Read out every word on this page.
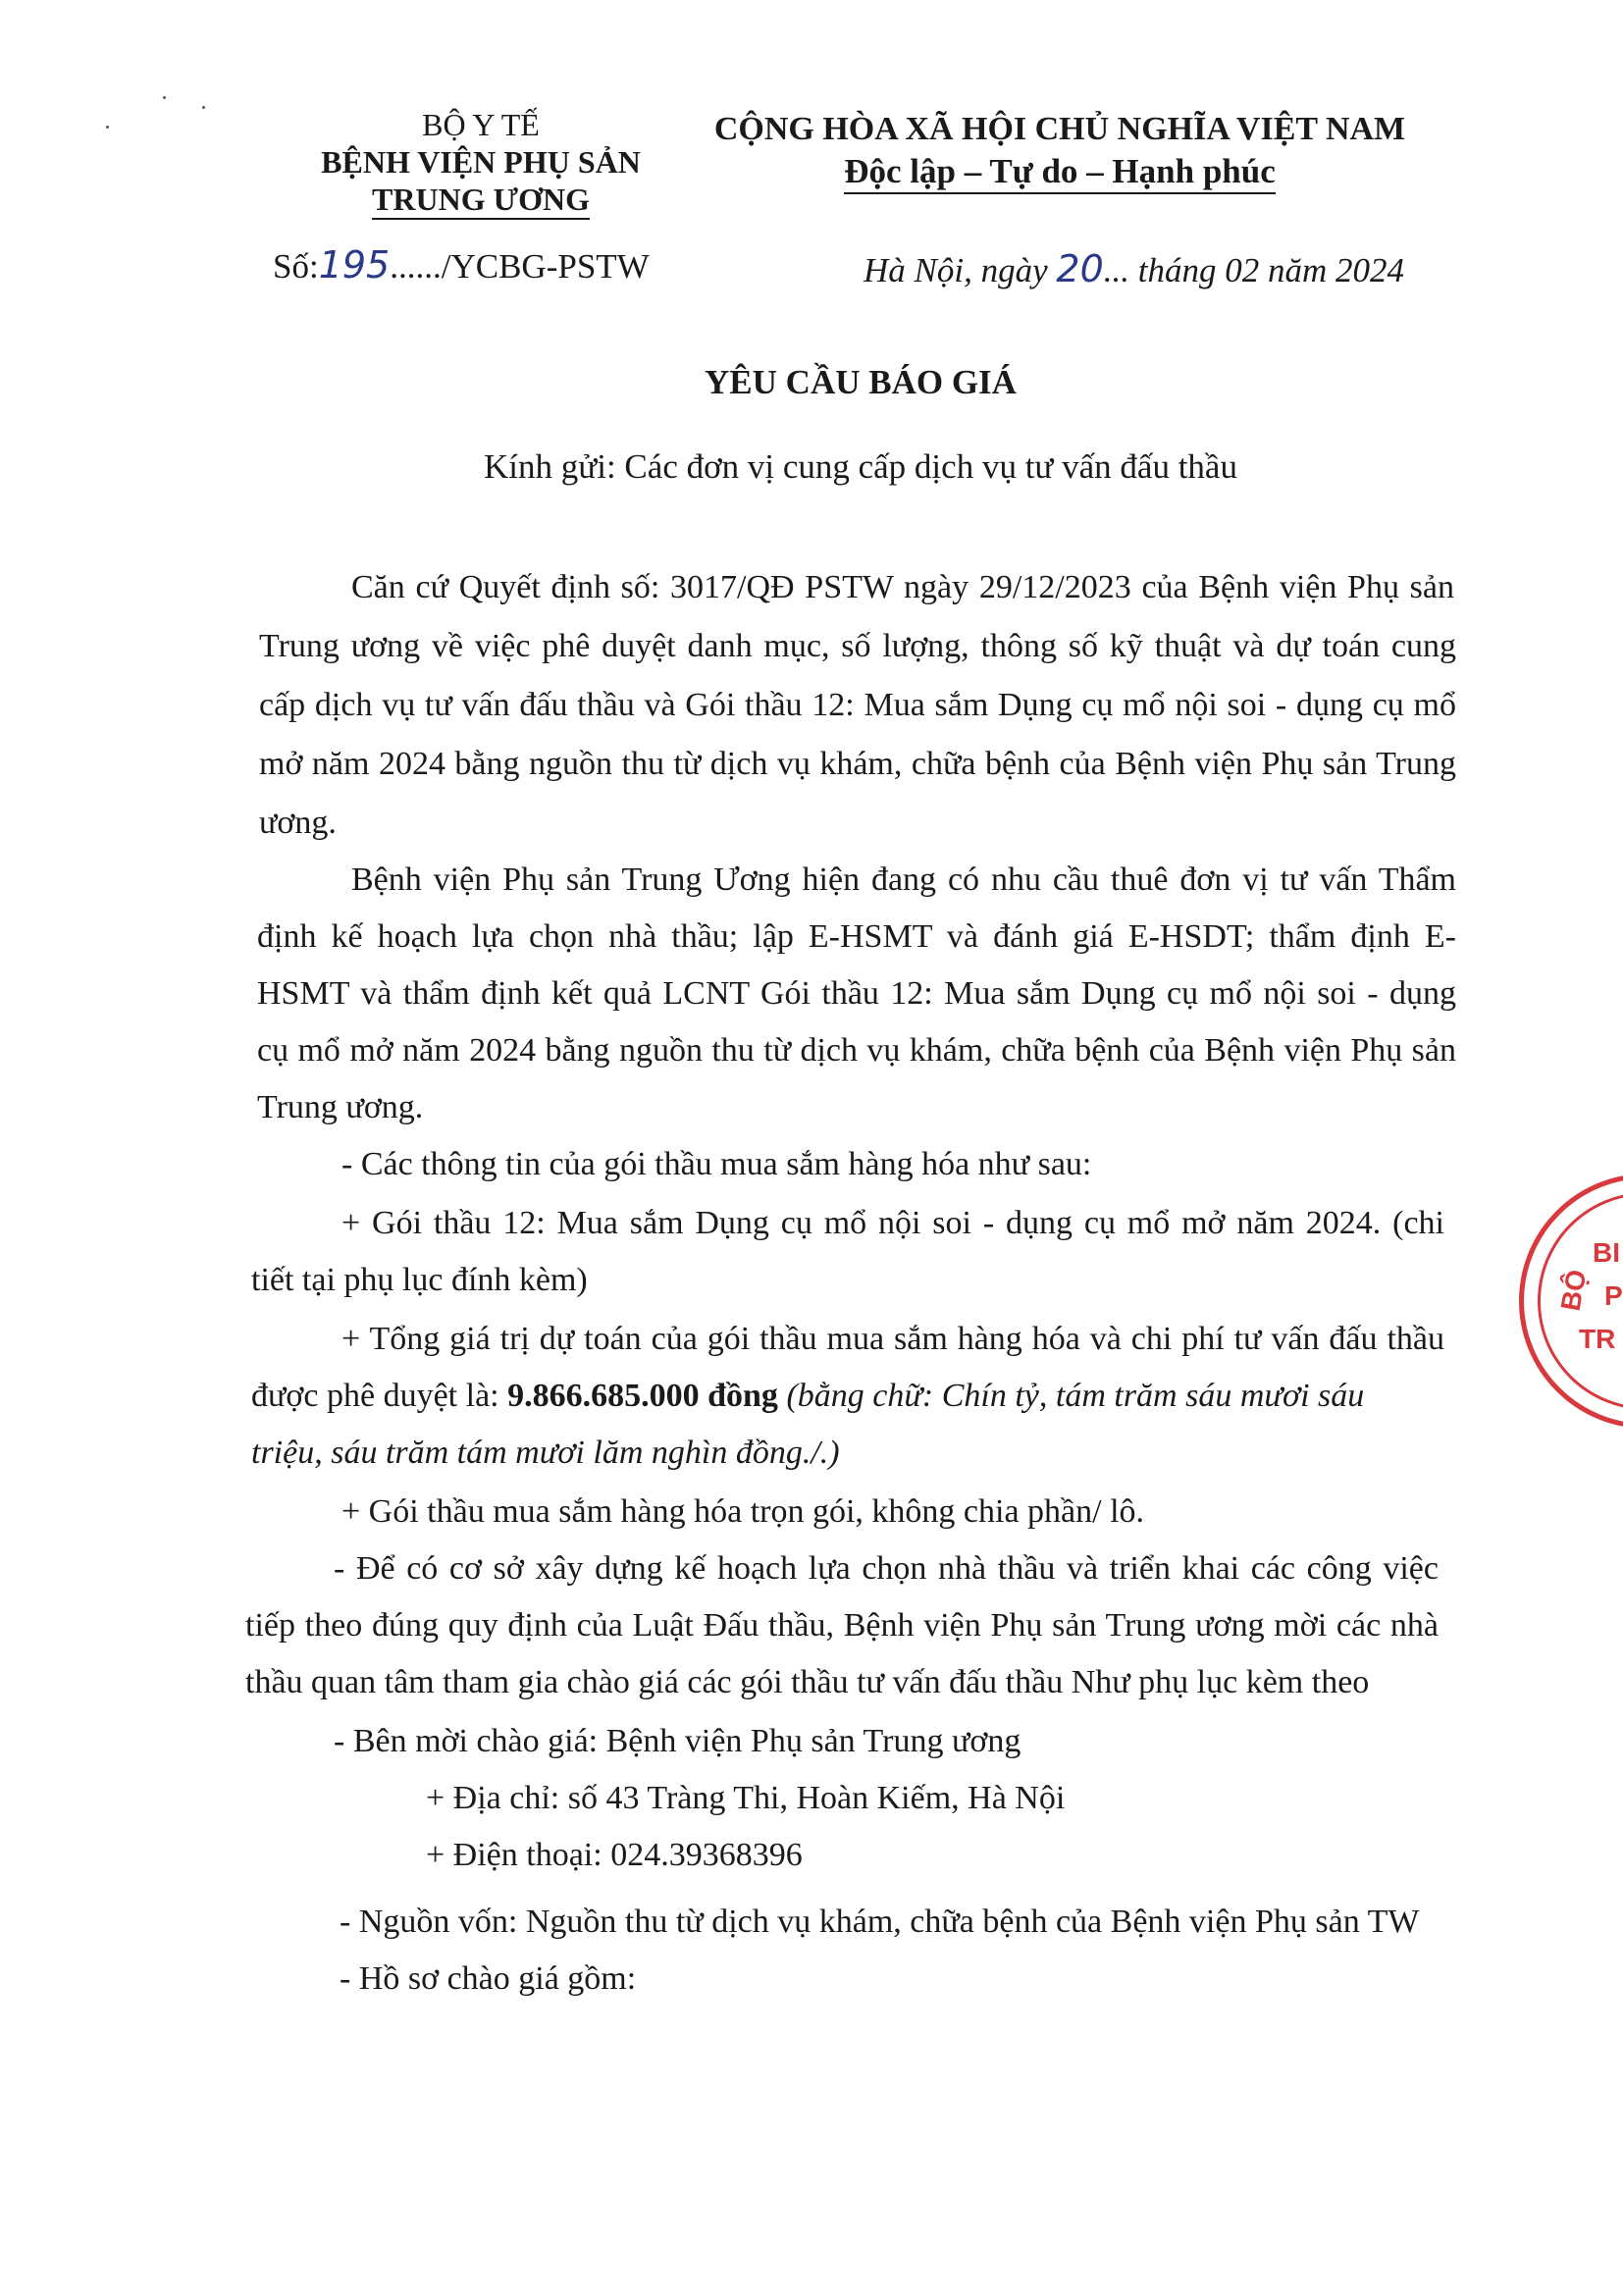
BỘ Y TẾ
BỆNH VIỆN PHỤ SẢN
TRUNG ƯƠNG
CỘNG HÒA XÃ HỘI CHỦ NGHĨA VIỆT NAM
Độc lập – Tự do – Hạnh phúc
Số:195....../YCBG-PSTW	Hà Nội, ngày 20... tháng 02 năm 2024
YÊU CẦU BÁO GIÁ
Kính gửi: Các đơn vị cung cấp dịch vụ tư vấn đấu thầu
Căn cứ Quyết định số: 3017/QĐ PSTW ngày 29/12/2023 của Bệnh viện Phụ sản
Trung ương về việc phê duyệt danh mục, số lượng, thông số kỹ thuật và dự toán cung
cấp dịch vụ tư vấn đấu thầu và Gói thầu 12: Mua sắm Dụng cụ mổ nội soi - dụng cụ mổ
mở năm 2024 bằng nguồn thu từ dịch vụ khám, chữa bệnh của Bệnh viện Phụ sản Trung
ương.
Bệnh viện Phụ sản Trung Ương hiện đang có nhu cầu thuê đơn vị tư vấn Thẩm
định kế hoạch lựa chọn nhà thầu; lập E-HSMT và đánh giá E-HSDT; thẩm định E-
HSMT và thẩm định kết quả LCNT Gói thầu 12: Mua sắm Dụng cụ mổ nội soi - dụng
cụ mổ mở năm 2024 bằng nguồn thu từ dịch vụ khám, chữa bệnh của Bệnh viện Phụ sản
Trung ương.
- Các thông tin của gói thầu mua sắm hàng hóa như sau:
+ Gói thầu 12: Mua sắm Dụng cụ mổ nội soi - dụng cụ mổ mở năm 2024. (chi
tiết tại phụ lục đính kèm)
+ Tổng giá trị dự toán của gói thầu mua sắm hàng hóa và chi phí tư vấn đấu thầu
được phê duyệt là: 9.866.685.000 đồng (bằng chữ: Chín tỷ, tám trăm sáu mươi sáu
triệu, sáu trăm tám mươi lăm nghìn đồng./.)
+ Gói thầu mua sắm hàng hóa trọn gói, không chia phần/ lô.
- Để có cơ sở xây dựng kế hoạch lựa chọn nhà thầu và triển khai các công việc
tiếp theo đúng quy định của Luật Đấu thầu, Bệnh viện Phụ sản Trung ương mời các nhà
thầu quan tâm tham gia chào giá các gói thầu tư vấn đấu thầu Như phụ lục kèm theo
- Bên mời chào giá: Bệnh viện Phụ sản Trung ương
+ Địa chỉ: số 43 Tràng Thi, Hoàn Kiếm, Hà Nội
+ Điện thoại: 024.39368396
- Nguồn vốn: Nguồn thu từ dịch vụ khám, chữa bệnh của Bệnh viện Phụ sản TW
- Hồ sơ chào giá gồm:
BỘ
BI
P
TR
